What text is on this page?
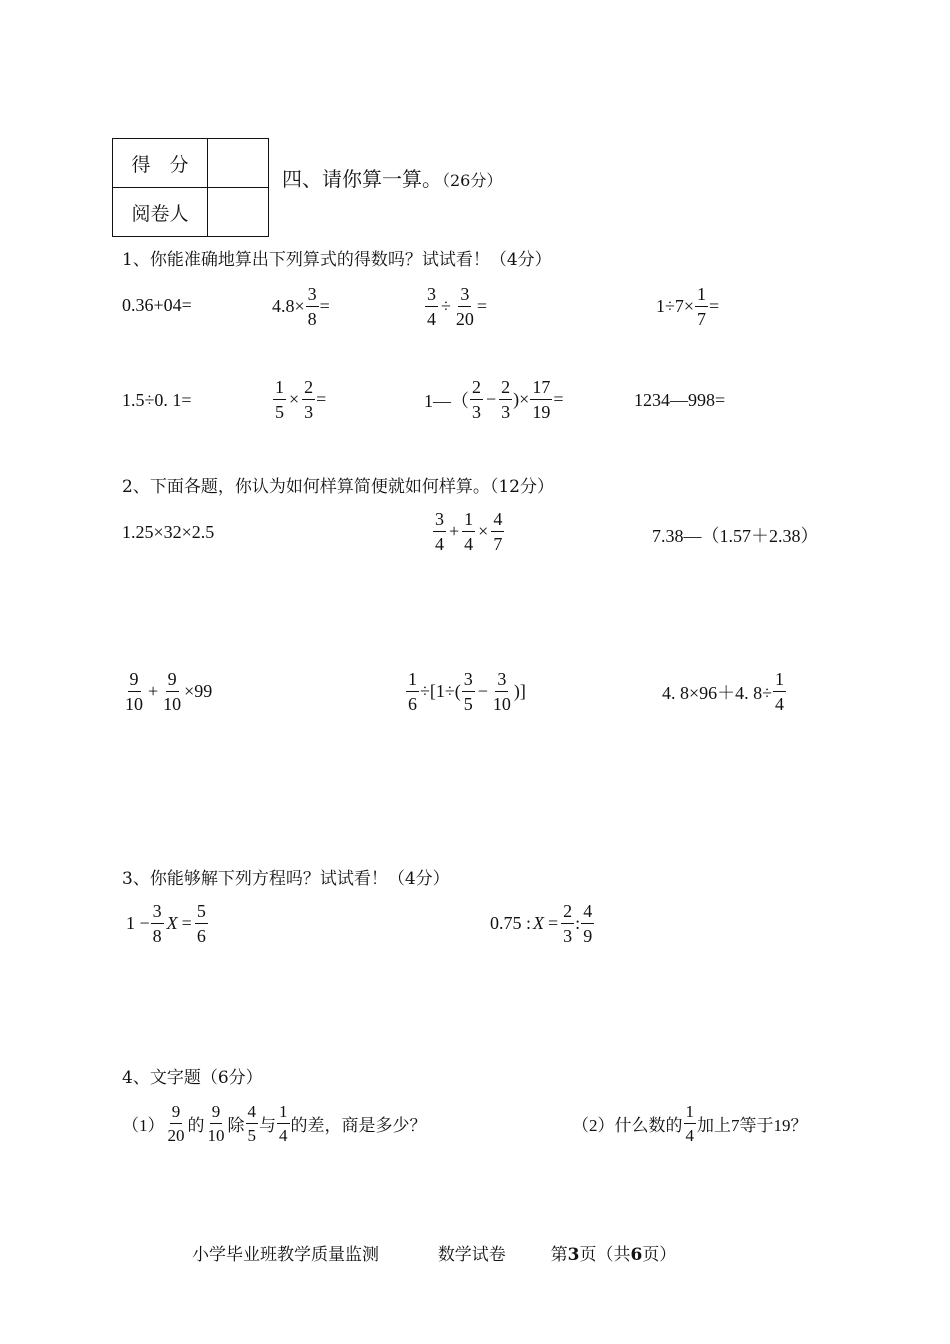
得　分	
阅卷人	
四、请你算一算。（26分）
1、你能准确地算出下列算式的得数吗？试试看！（4分）
0.36+04=	$4.8\times \frac{3}{8}$ =	$\frac{3}{4} \div \frac{3}{20}$ =	$1\div 7\times \frac{1}{7}$ =
1.5÷0. 1=	$\frac{1}{5} \times \frac{2}{3}$ =	1—（ $\frac{2}{3} - \frac{2}{3}$ )× $\frac{17}{19}$ =	1234—998=
2、下面各题，你认为如何样算简便就如何样算。（12分）
1.25×32×2.5	$\frac{3}{4} + \frac{1}{4} \times \frac{4}{7}$	7.38—（1.57＋2.38）
$\frac{9}{10} + \frac{9}{10} \times 99$	$\frac{1}{6} \div[1\div( \frac{3}{5} - \frac{3}{10}$ )]	4. 8×96＋4. $8\div \frac{1}{4}$
3、你能够解下列方程吗？试试看！（4分）
$1 - \frac{3}{8}$ $X = \frac{5}{6}$	0.75 : $X = \frac{2}{3}$ : $\frac{4}{9}$
4、文字题（6分）
$(1) \frac{9}{20}$ 的 $\frac{9}{10}$ 除 $\frac{4}{5}$ 与 $\frac{1}{4}$ 的差，商是多少？	（2）什么数的 $\frac{1}{4}$ 加上7等于19？
小学毕业班教学质量监测	数学试卷	第3页（共6页）
